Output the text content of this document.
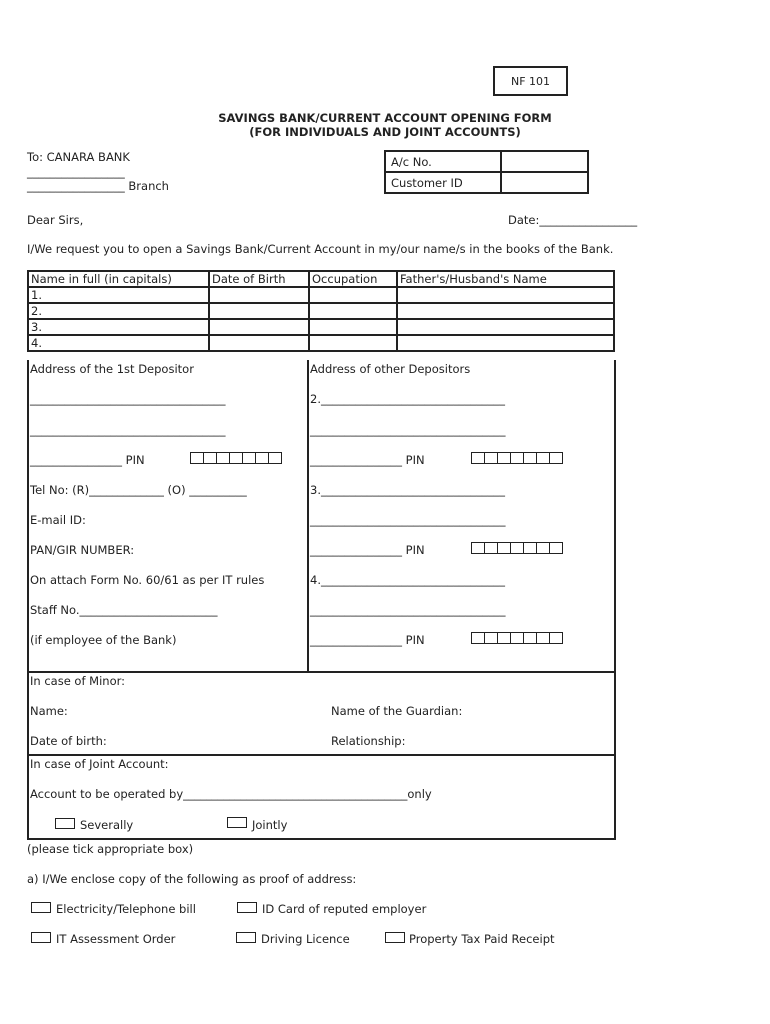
NF 101
SAVINGS BANK/CURRENT ACCOUNT OPENING FORM
(FOR INDIVIDUALS AND JOINT ACCOUNTS)
To: CANARA BANK
_________________
_________________ Branch
A/c No.	
Customer ID	
Dear Sirs,	Date:_________________
I/We request you to open a Savings Bank/Current Account in my/our name/s in the books of the Bank.
Name in full (in capitals)	Date of Birth	Occupation	Father's/Husband's Name
1.			
2.			
3.			
4.			
Address of the 1st Depositor
__________________________________
__________________________________
________________ PIN
Tel No: (R)_____________ (O) __________
E-mail ID:
PAN/GIR NUMBER:
On attach Form No. 60/61 as per IT rules
Staff No.________________________
(if employee of the Bank)
Address of other Depositors
2.________________________________
__________________________________
________________ PIN
3.________________________________
__________________________________
________________ PIN
4.________________________________
__________________________________
________________ PIN
In case of Minor:
Name:	Name of the Guardian:
Date of birth:	Relationship:
In case of Joint Account:
Account to be operated by_______________________________________only
Severally	Jointly
(please tick appropriate box)
a) I/We enclose copy of the following as proof of address:
Electricity/Telephone bill	ID Card of reputed employer
IT Assessment Order	Driving Licence	Property Tax Paid Receipt
